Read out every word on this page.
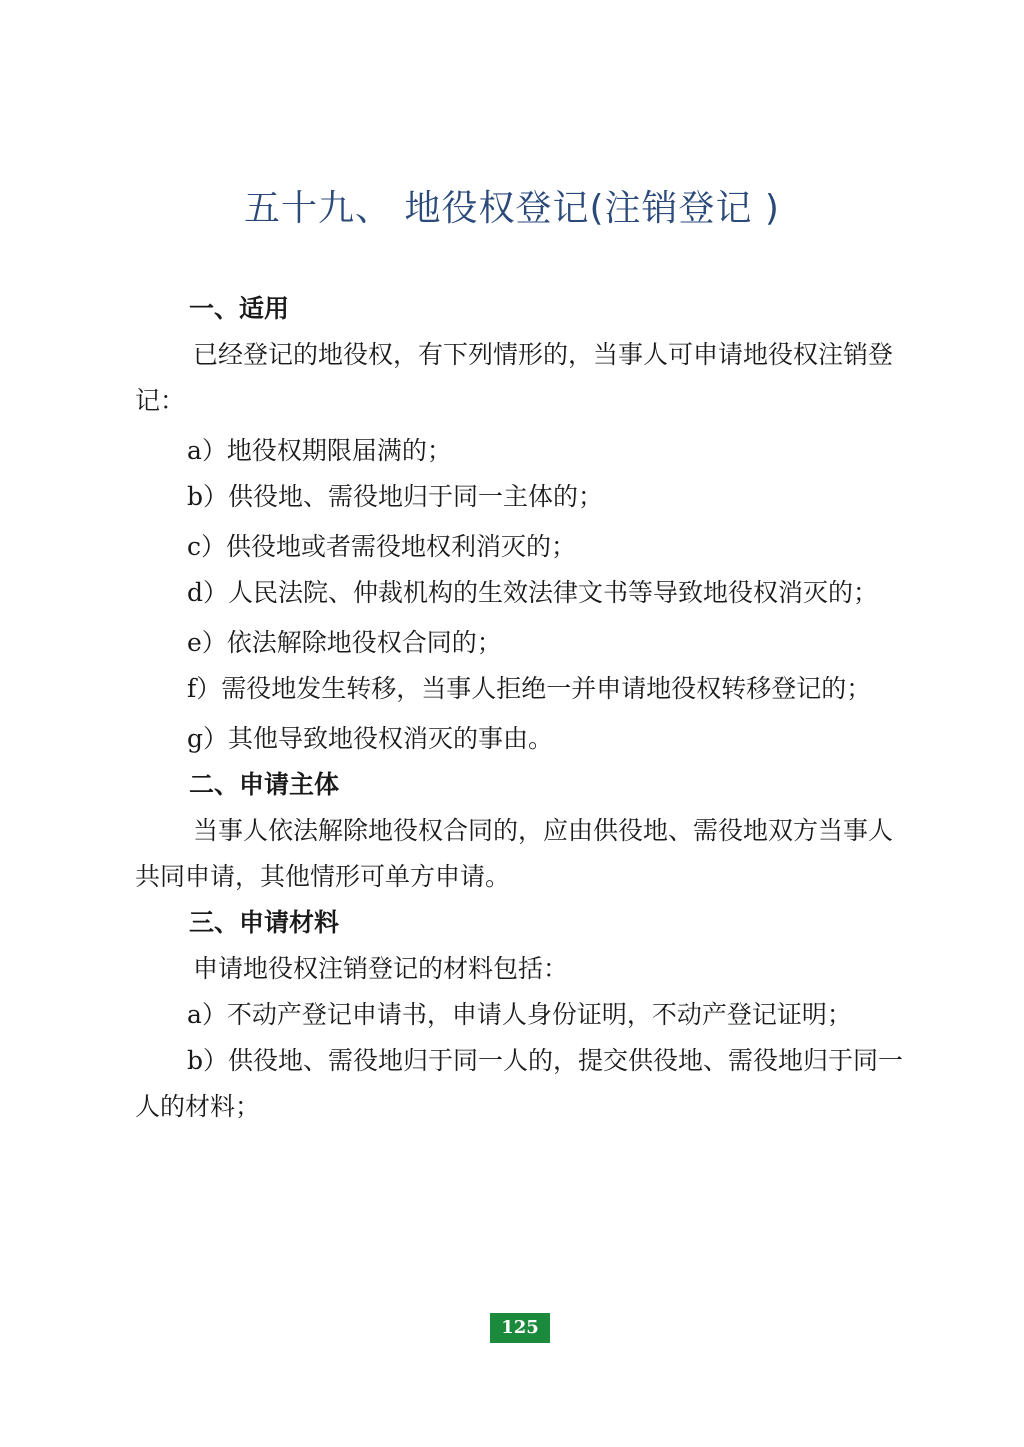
五十九、 地役权登记(注销登记 )

一、适用

已经登记的地役权，有下列情形的，当事人可申请地役权注销登记：

a）地役权期限届满的；

b）供役地、需役地归于同一主体的；

c）供役地或者需役地权利消灭的；

d）人民法院、仲裁机构的生效法律文书等导致地役权消灭的；

e）依法解除地役权合同的；

f）需役地发生转移，当事人拒绝一并申请地役权转移登记的；

g）其他导致地役权消灭的事由。

二、申请主体

当事人依法解除地役权合同的，应由供役地、需役地双方当事人共同申请，其他情形可单方申请。

三、申请材料

申请地役权注销登记的材料包括：

a）不动产登记申请书，申请人身份证明，不动产登记证明；

b）供役地、需役地归于同一人的，提交供役地、需役地归于同一人的材料；

125
